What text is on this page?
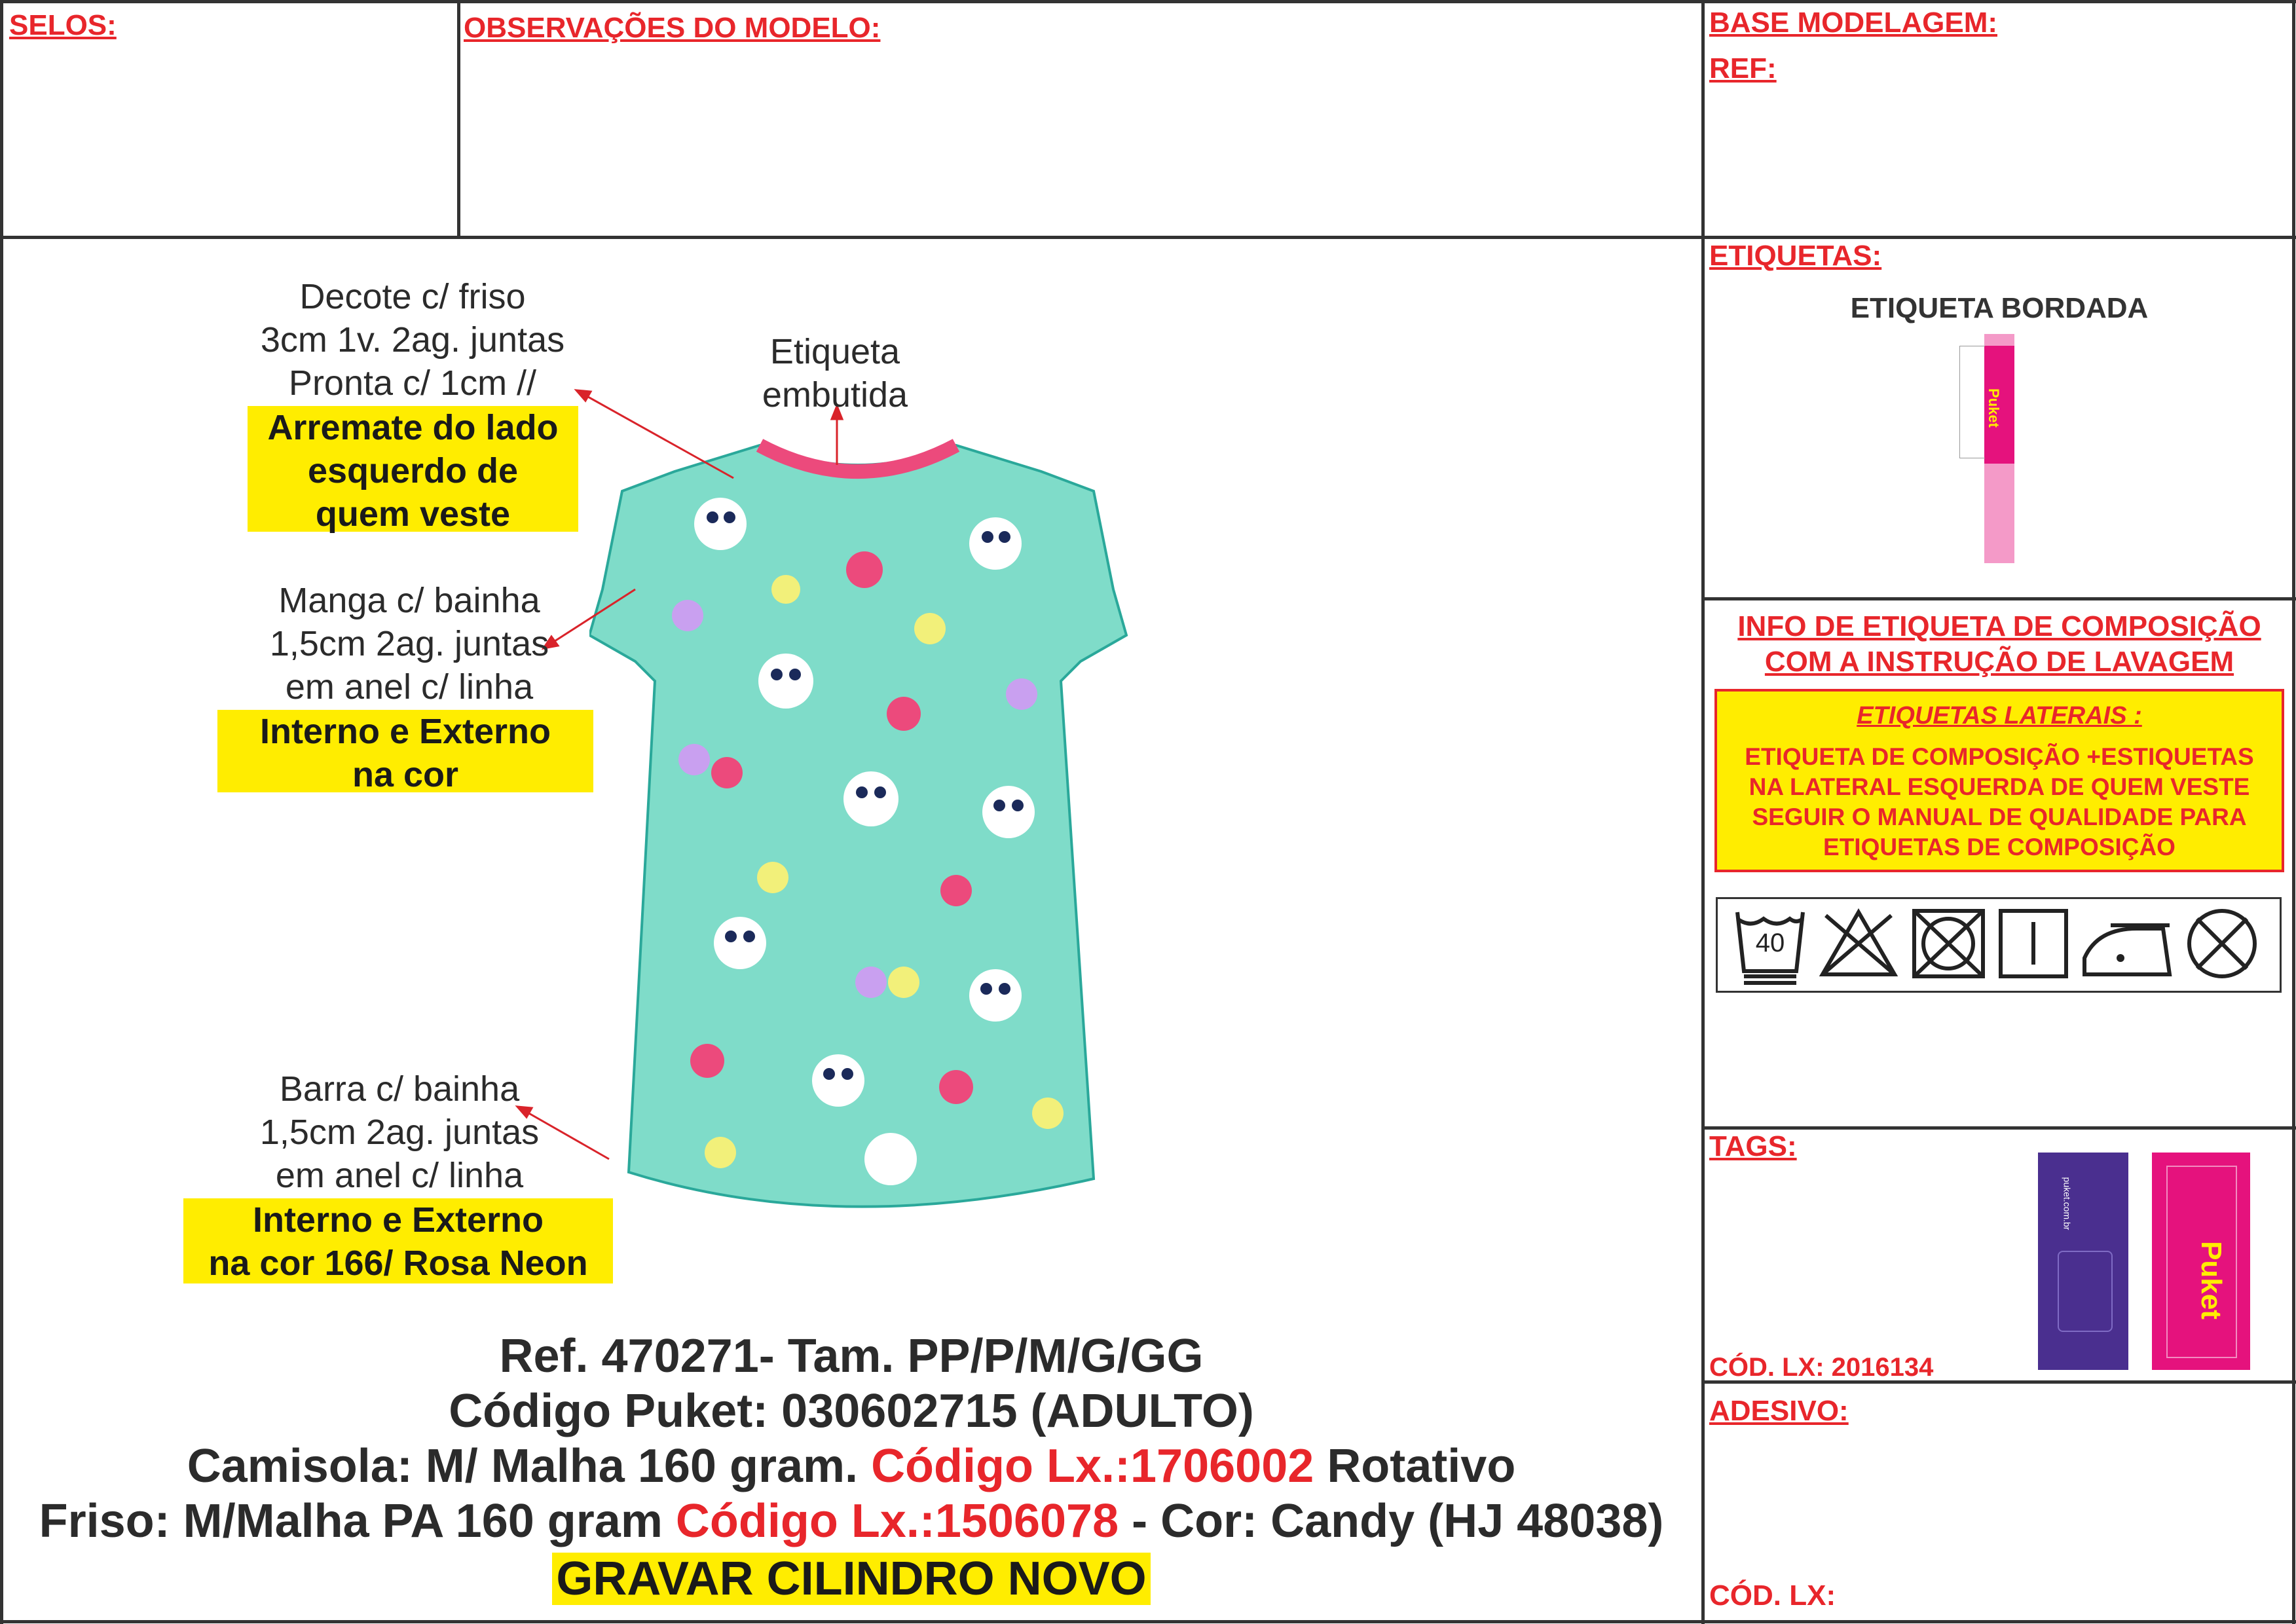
SELOS:	OBSERVAÇÕES DO MODELO:	BASE MODELAGEM:
REF:
Decote c/ friso
3cm 1v. 2ag. juntas
Pronta c/ 1cm //
Arremate do lado
esquerdo de
quem veste
Etiqueta
embutida
Manga c/ bainha
1,5cm 2ag. juntas
em anel c/ linha
Interno e Externo
na cor
Barra c/ bainha
1,5cm 2ag. juntas
em anel c/ linha
Interno e Externo
na cor 166/ Rosa Neon
Ref. 470271- Tam. PP/P/M/G/GG
Código Puket: 030602715 (ADULTO)
Camisola: M/ Malha 160 gram. Código Lx.:1706002 Rotativo
Friso: M/Malha PA 160 gram Código Lx.:1506078 - Cor: Candy (HJ 48038)
GRAVAR CILINDRO NOVO
ETIQUETAS:
ETIQUETA BORDADA
Puket
INFO DE ETIQUETA DE COMPOSIÇÃO
COM A INSTRUÇÃO DE LAVAGEM
ETIQUETAS LATERAIS :
ETIQUETA DE COMPOSIÇÃO +ESTIQUETAS
NA LATERAL ESQUERDA DE QUEM VESTE
SEGUIR O MANUAL DE QUALIDADE PARA
ETIQUETAS DE COMPOSIÇÃO
40
TAGS:
puket.com.br
Puket
CÓD. LX: 2016134
ADESIVO:
CÓD. LX:
